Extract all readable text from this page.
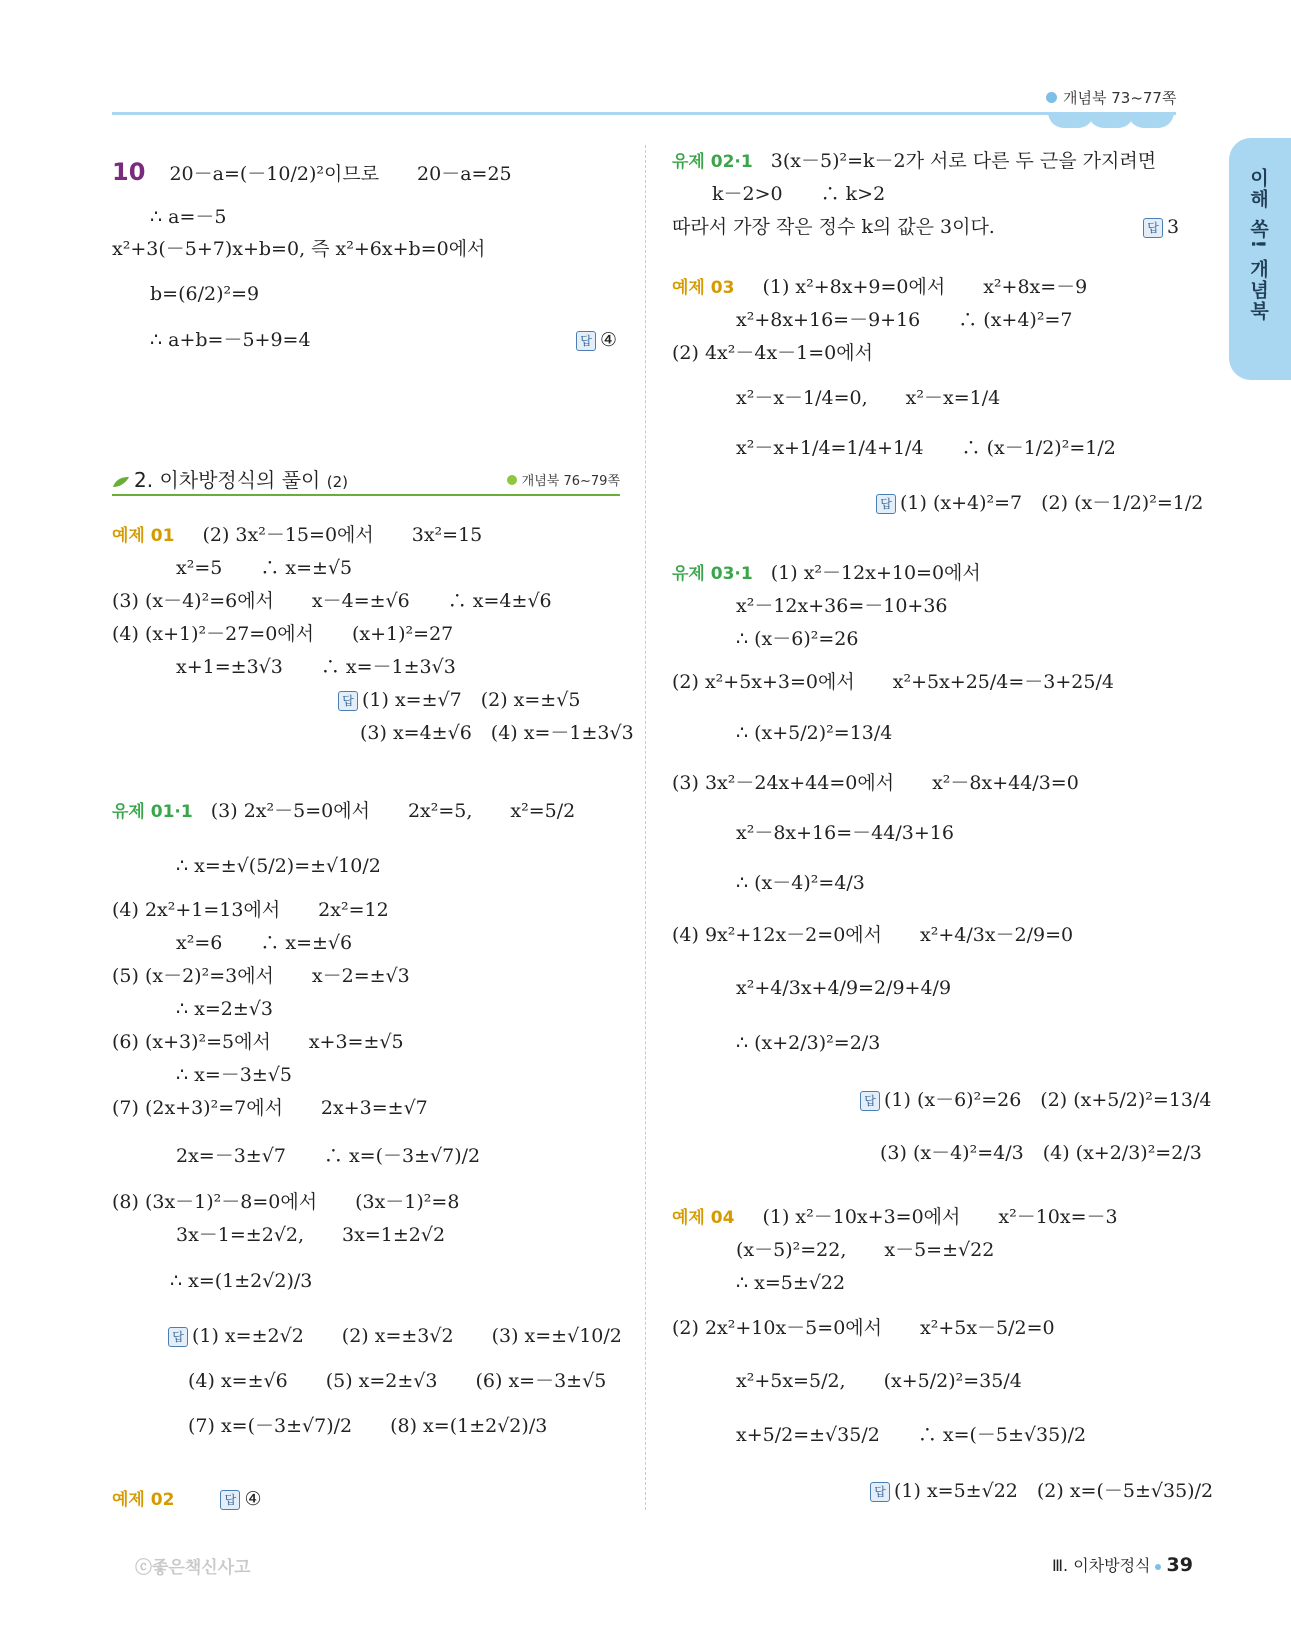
개념북 73~77쪽
이해 쏙! 개념북
10 20－a=(－10/2)²이므로　　20－a=25
∴ a=－5
x²+3(－5+7)x+b=0, 즉 x²+6x+b=0에서
b=(6/2)²=9
∴ a+b=－5+9=4	답 ④
2. 이차방정식의 풀이 (2)	개념북 76~79쪽
예제 01 (2) 3x²－15=0에서　　3x²=15
x²=5　　∴ x=±√5
(3) (x－4)²=6에서　　x－4=±√6　　∴ x=4±√6
(4) (x+1)²－27=0에서　　(x+1)²=27
x+1=±3√3　　∴ x=－1±3√3
답 (1) x=±√7　(2) x=±√5
(3) x=4±√6　(4) x=－1±3√3
유제 01·1 (3) 2x²－5=0에서　　2x²=5,　　x²=5/2
∴ x=±√(5/2)=±√10/2
(4) 2x²+1=13에서　　2x²=12
x²=6　　∴ x=±√6
(5) (x－2)²=3에서　　x－2=±√3
∴ x=2±√3
(6) (x+3)²=5에서　　x+3=±√5
∴ x=－3±√5
(7) (2x+3)²=7에서　　2x+3=±√7
2x=－3±√7　　∴ x=(－3±√7)/2
(8) (3x－1)²－8=0에서　　(3x－1)²=8
3x－1=±2√2,　　3x=1±2√2
∴ x=(1±2√2)/3
답 (1) x=±2√2　　(2) x=±3√2　　(3) x=±√10/2
(4) x=±√6　　(5) x=2±√3　　(6) x=－3±√5
(7) x=(－3±√7)/2　　(8) x=(1±2√2)/3
예제 02	답 ④
유제 02·1 3(x－5)²=k－2가 서로 다른 두 근을 가지려면
k－2>0　　∴ k>2
따라서 가장 작은 정수 k의 값은 3이다.	답 3
예제 03 (1) x²+8x+9=0에서　　x²+8x=－9
x²+8x+16=－9+16　　∴ (x+4)²=7
(2) 4x²－4x－1=0에서
x²－x－1/4=0,　　x²－x=1/4
x²－x+1/4=1/4+1/4　　∴ (x－1/2)²=1/2
답 (1) (x+4)²=7　(2) (x－1/2)²=1/2
유제 03·1 (1) x²－12x+10=0에서
x²－12x+36=－10+36
∴ (x－6)²=26
(2) x²+5x+3=0에서　　x²+5x+25/4=－3+25/4
∴ (x+5/2)²=13/4
(3) 3x²－24x+44=0에서　　x²－8x+44/3=0
x²－8x+16=－44/3+16
∴ (x－4)²=4/3
(4) 9x²+12x－2=0에서　　x²+4/3x－2/9=0
x²+4/3x+4/9=2/9+4/9
∴ (x+2/3)²=2/3
답 (1) (x－6)²=26　(2) (x+5/2)²=13/4
(3) (x－4)²=4/3　(4) (x+2/3)²=2/3
예제 04 (1) x²－10x+3=0에서　　x²－10x=－3
(x－5)²=22,　　x－5=±√22
∴ x=5±√22
(2) 2x²+10x－5=0에서　　x²+5x－5/2=0
x²+5x=5/2,　　(x+5/2)²=35/4
x+5/2=±√35/2　　∴ x=(－5±√35)/2
답 (1) x=5±√22　(2) x=(－5±√35)/2
ⓒ좋은책신사고	Ⅲ. 이차방정식 39
